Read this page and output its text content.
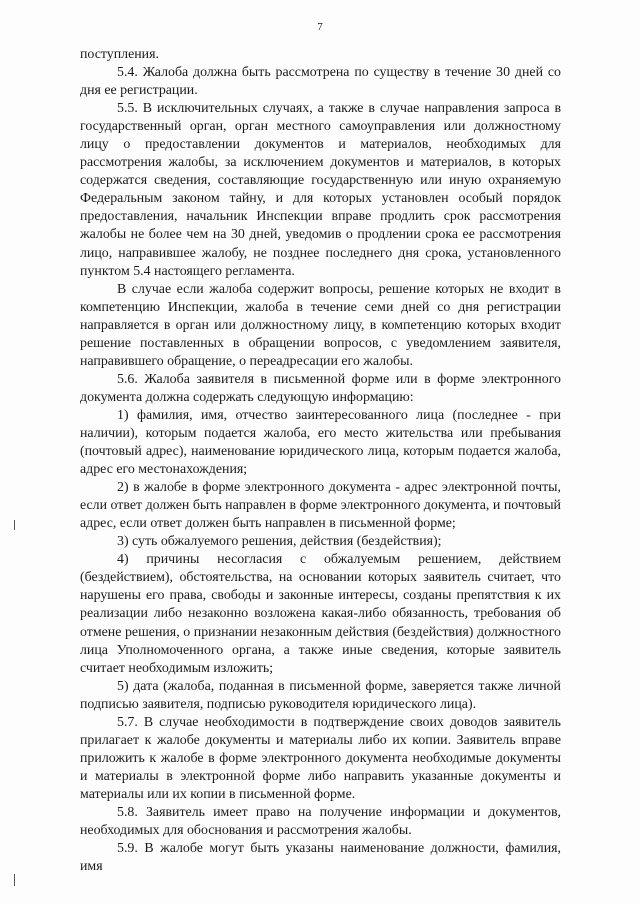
7

поступления.

5.4. Жалоба должна быть рассмотрена по существу в течение 30 дней со дня ее регистрации.

5.5. В исключительных случаях, а также в случае направления запроса в государственный орган, орган местного самоуправления или должностному лицу о предоставлении документов и материалов, необходимых для рассмотрения жалобы, за исключением документов и материалов, в которых содержатся сведения, составляющие государственную или иную охраняемую Федеральным законом тайну, и для которых установлен особый порядок предоставления, начальник Инспекции вправе продлить срок рассмотрения жалобы не более чем на 30 дней, уведомив о продлении срока ее рассмотрения лицо, направившее жалобу, не позднее последнего дня срока, установленного пунктом 5.4 настоящего регламента.

В случае если жалоба содержит вопросы, решение которых не входит в компетенцию Инспекции, жалоба в течение семи дней со дня регистрации направляется в орган или должностному лицу, в компетенцию которых входит решение поставленных в обращении вопросов, с уведомлением заявителя, направившего обращение, о переадресации его жалобы.

5.6. Жалоба заявителя в письменной форме или в форме электронного документа должна содержать следующую информацию:

1) фамилия, имя, отчество заинтересованного лица (последнее - при наличии), которым подается жалоба, его место жительства или пребывания (почтовый адрес), наименование юридического лица, которым подается жалоба, адрес его местонахождения;

2) в жалобе в форме электронного документа - адрес электронной почты, если ответ должен быть направлен в форме электронного документа, и почтовый адрес, если ответ должен быть направлен в письменной форме;

3) суть обжалуемого решения, действия (бездействия);

4) причины несогласия с обжалуемым решением, действием (бездействием), обстоятельства, на основании которых заявитель считает, что нарушены его права, свободы и законные интересы, созданы препятствия к их реализации либо незаконно возложена какая-либо обязанность, требования об отмене решения, о признании незаконным действия (бездействия) должностного лица Уполномоченного органа, а также иные сведения, которые заявитель считает необходимым изложить;

5) дата (жалоба, поданная в письменной форме, заверяется также личной подписью заявителя, подписью руководителя юридического лица).

5.7. В случае необходимости в подтверждение своих доводов заявитель прилагает к жалобе документы и материалы либо их копии. Заявитель вправе приложить к жалобе в форме электронного документа необходимые документы и материалы в электронной форме либо направить указанные документы и материалы или их копии в письменной форме.

5.8. Заявитель имеет право на получение информации и документов, необходимых для обоснования и рассмотрения жалобы.

5.9. В жалобе могут быть указаны наименование должности, фамилия, имя
